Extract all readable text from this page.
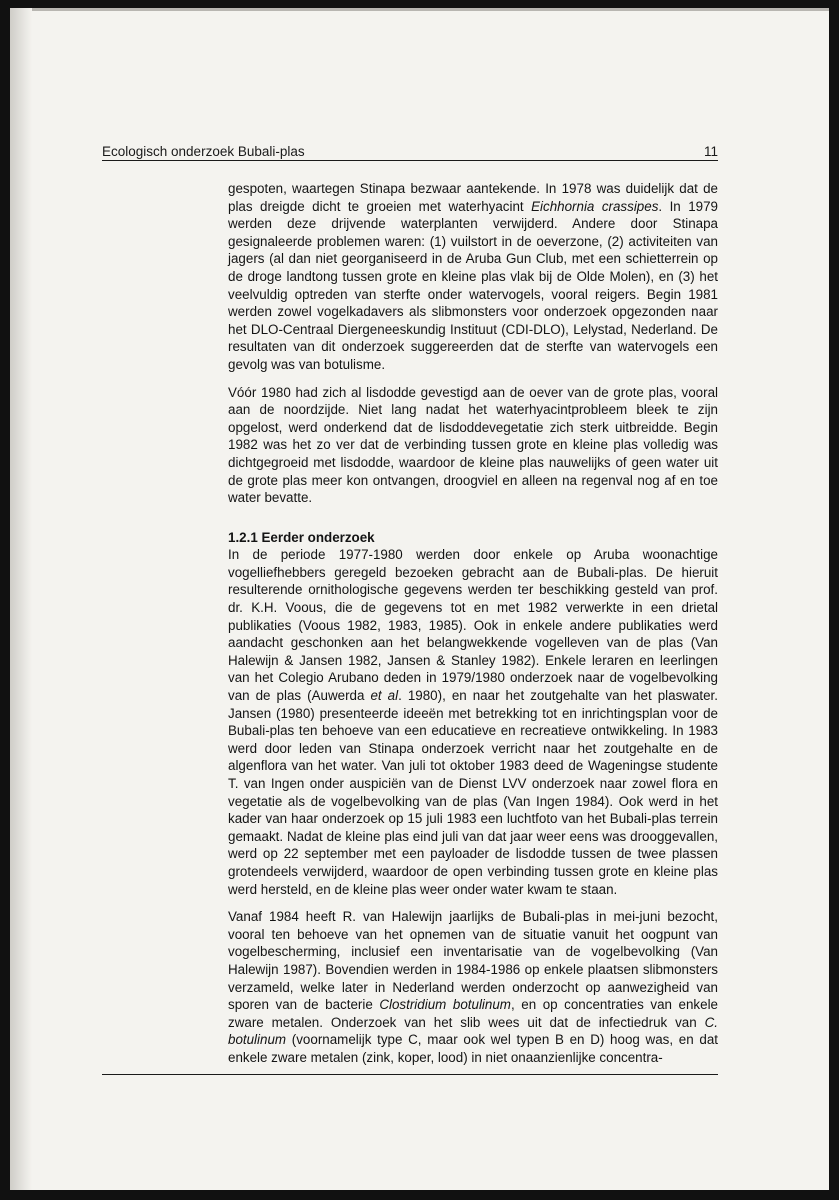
Ecologisch onderzoek Bubali-plas	11

gespoten, waartegen Stinapa bezwaar aantekende. In 1978 was duidelijk dat de plas dreigde dicht te groeien met waterhyacint Eichhornia crassipes. In 1979 werden deze drijvende waterplanten verwijderd. Andere door Stinapa gesignaleerde problemen waren: (1) vuilstort in de oeverzone, (2) activiteiten van jagers (al dan niet georganiseerd in de Aruba Gun Club, met een schietterrein op de droge landtong tussen grote en kleine plas vlak bij de Olde Molen), en (3) het veelvuldig optreden van sterfte onder watervogels, vooral reigers. Begin 1981 werden zowel vogelkadavers als slibmonsters voor onderzoek opgezonden naar het DLO-Centraal Diergeneeskundig Instituut (CDI-DLO), Lelystad, Nederland. De resultaten van dit onderzoek suggereerden dat de sterfte van watervogels een gevolg was van botulisme.

Vóór 1980 had zich al lisdodde gevestigd aan de oever van de grote plas, vooral aan de noordzijde. Niet lang nadat het waterhyacintprobleem bleek te zijn opgelost, werd onderkend dat de lisdoddevegetatie zich sterk uitbreidde. Begin 1982 was het zo ver dat de verbinding tussen grote en kleine plas volledig was dichtgegroeid met lisdodde, waardoor de kleine plas nauwelijks of geen water uit de grote plas meer kon ontvangen, droogviel en alleen na regenval nog af en toe water bevatte.

1.2.1 Eerder onderzoek

In de periode 1977-1980 werden door enkele op Aruba woonachtige vogelliefhebbers geregeld bezoeken gebracht aan de Bubali-plas. De hieruit resulterende ornithologische gegevens werden ter beschikking gesteld van prof. dr. K.H. Voous, die de gegevens tot en met 1982 verwerkte in een drietal publikaties (Voous 1982, 1983, 1985). Ook in enkele andere publikaties werd aandacht geschonken aan het belangwekkende vogelleven van de plas (Van Halewijn & Jansen 1982, Jansen & Stanley 1982). Enkele leraren en leerlingen van het Colegio Arubano deden in 1979/1980 onderzoek naar de vogelbevolking van de plas (Auwerda et al. 1980), en naar het zoutgehalte van het plaswater. Jansen (1980) presenteerde ideeën met betrekking tot en inrichtingsplan voor de Bubali-plas ten behoeve van een educatieve en recreatieve ontwikkeling. In 1983 werd door leden van Stinapa onderzoek verricht naar het zoutgehalte en de algenflora van het water. Van juli tot oktober 1983 deed de Wageningse studente T. van Ingen onder auspiciën van de Dienst LVV onderzoek naar zowel flora en vegetatie als de vogelbevolking van de plas (Van Ingen 1984). Ook werd in het kader van haar onderzoek op 15 juli 1983 een luchtfoto van het Bubali-plas terrein gemaakt. Nadat de kleine plas eind juli van dat jaar weer eens was drooggevallen, werd op 22 september met een payloader de lisdodde tussen de twee plassen grotendeels verwijderd, waardoor de open verbinding tussen grote en kleine plas werd hersteld, en de kleine plas weer onder water kwam te staan.

Vanaf 1984 heeft R. van Halewijn jaarlijks de Bubali-plas in mei-juni bezocht, vooral ten behoeve van het opnemen van de situatie vanuit het oogpunt van vogelbescherming, inclusief een inventarisatie van de vogelbevolking (Van Halewijn 1987). Bovendien werden in 1984-1986 op enkele plaatsen slibmonsters verzameld, welke later in Nederland werden onderzocht op aanwezigheid van sporen van de bacterie Clostridium botulinum, en op concentraties van enkele zware metalen. Onderzoek van het slib wees uit dat de infectiedruk van C. botulinum (voornamelijk type C, maar ook wel typen B en D) hoog was, en dat enkele zware metalen (zink, koper, lood) in niet onaanzienlijke concentra-
